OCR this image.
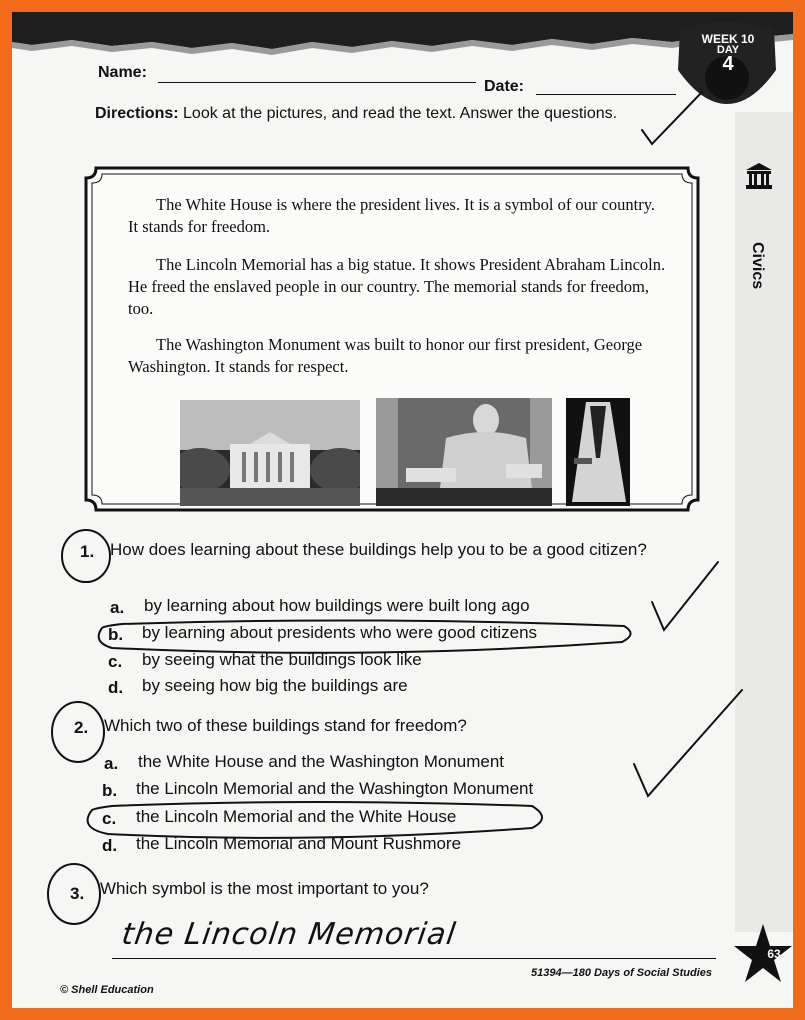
WEEK 10
DAY
4
Name:
Date:
Directions: Look at the pictures, and read the text. Answer the questions.
Civics

The White House is where the president lives. It is a symbol of our country. It stands for freedom.

The Lincoln Memorial has a big statue. It shows President Abraham Lincoln. He freed the enslaved people in our country. The memorial stands for freedom, too.

The Washington Monument was built to honor our first president, George Washington. It stands for respect.

1. How does learning about these buildings help you to be a good citizen?
a. by learning about how buildings were built long ago
b. by learning about presidents who were good citizens
c. by seeing what the buildings look like
d. by seeing how big the buildings are
2. Which two of these buildings stand for freedom?
a. the White House and the Washington Monument
b. the Lincoln Memorial and the Washington Monument
c. the Lincoln Memorial and the White House
d. the Lincoln Memorial and Mount Rushmore
3. Which symbol is the most important to you?
the Lincoln Memorial
© Shell Education
51394—180 Days of Social Studies
63
